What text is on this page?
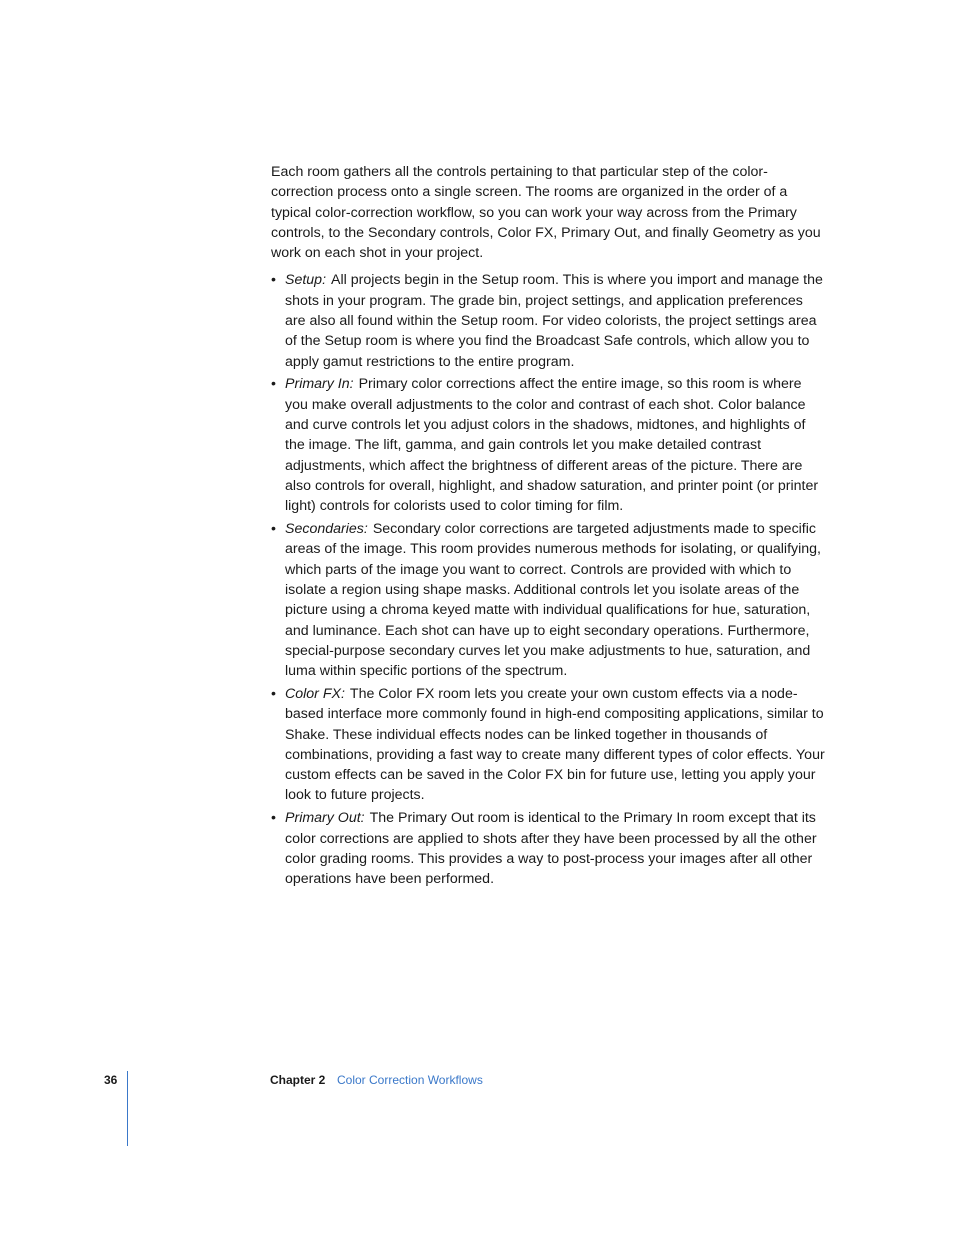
Each room gathers all the controls pertaining to that particular step of the color-correction process onto a single screen. The rooms are organized in the order of a typical color-correction workflow, so you can work your way across from the Primary controls, to the Secondary controls, Color FX, Primary Out, and finally Geometry as you work on each shot in your project.

• Setup: All projects begin in the Setup room. This is where you import and manage the shots in your program. The grade bin, project settings, and application preferences are also all found within the Setup room. For video colorists, the project settings area of the Setup room is where you find the Broadcast Safe controls, which allow you to apply gamut restrictions to the entire program.
• Primary In: Primary color corrections affect the entire image, so this room is where you make overall adjustments to the color and contrast of each shot. Color balance and curve controls let you adjust colors in the shadows, midtones, and highlights of the image. The lift, gamma, and gain controls let you make detailed contrast adjustments, which affect the brightness of different areas of the picture. There are also controls for overall, highlight, and shadow saturation, and printer point (or printer light) controls for colorists used to color timing for film.
• Secondaries: Secondary color corrections are targeted adjustments made to specific areas of the image. This room provides numerous methods for isolating, or qualifying, which parts of the image you want to correct. Controls are provided with which to isolate a region using shape masks. Additional controls let you isolate areas of the picture using a chroma keyed matte with individual qualifications for hue, saturation, and luminance. Each shot can have up to eight secondary operations. Furthermore, special-purpose secondary curves let you make adjustments to hue, saturation, and luma within specific portions of the spectrum.
• Color FX: The Color FX room lets you create your own custom effects via a node-based interface more commonly found in high-end compositing applications, similar to Shake. These individual effects nodes can be linked together in thousands of combinations, providing a fast way to create many different types of color effects. Your custom effects can be saved in the Color FX bin for future use, letting you apply your look to future projects.
• Primary Out: The Primary Out room is identical to the Primary In room except that its color corrections are applied to shots after they have been processed by all the other color grading rooms. This provides a way to post-process your images after all other operations have been performed.
36	Chapter 2 Color Correction Workflows
